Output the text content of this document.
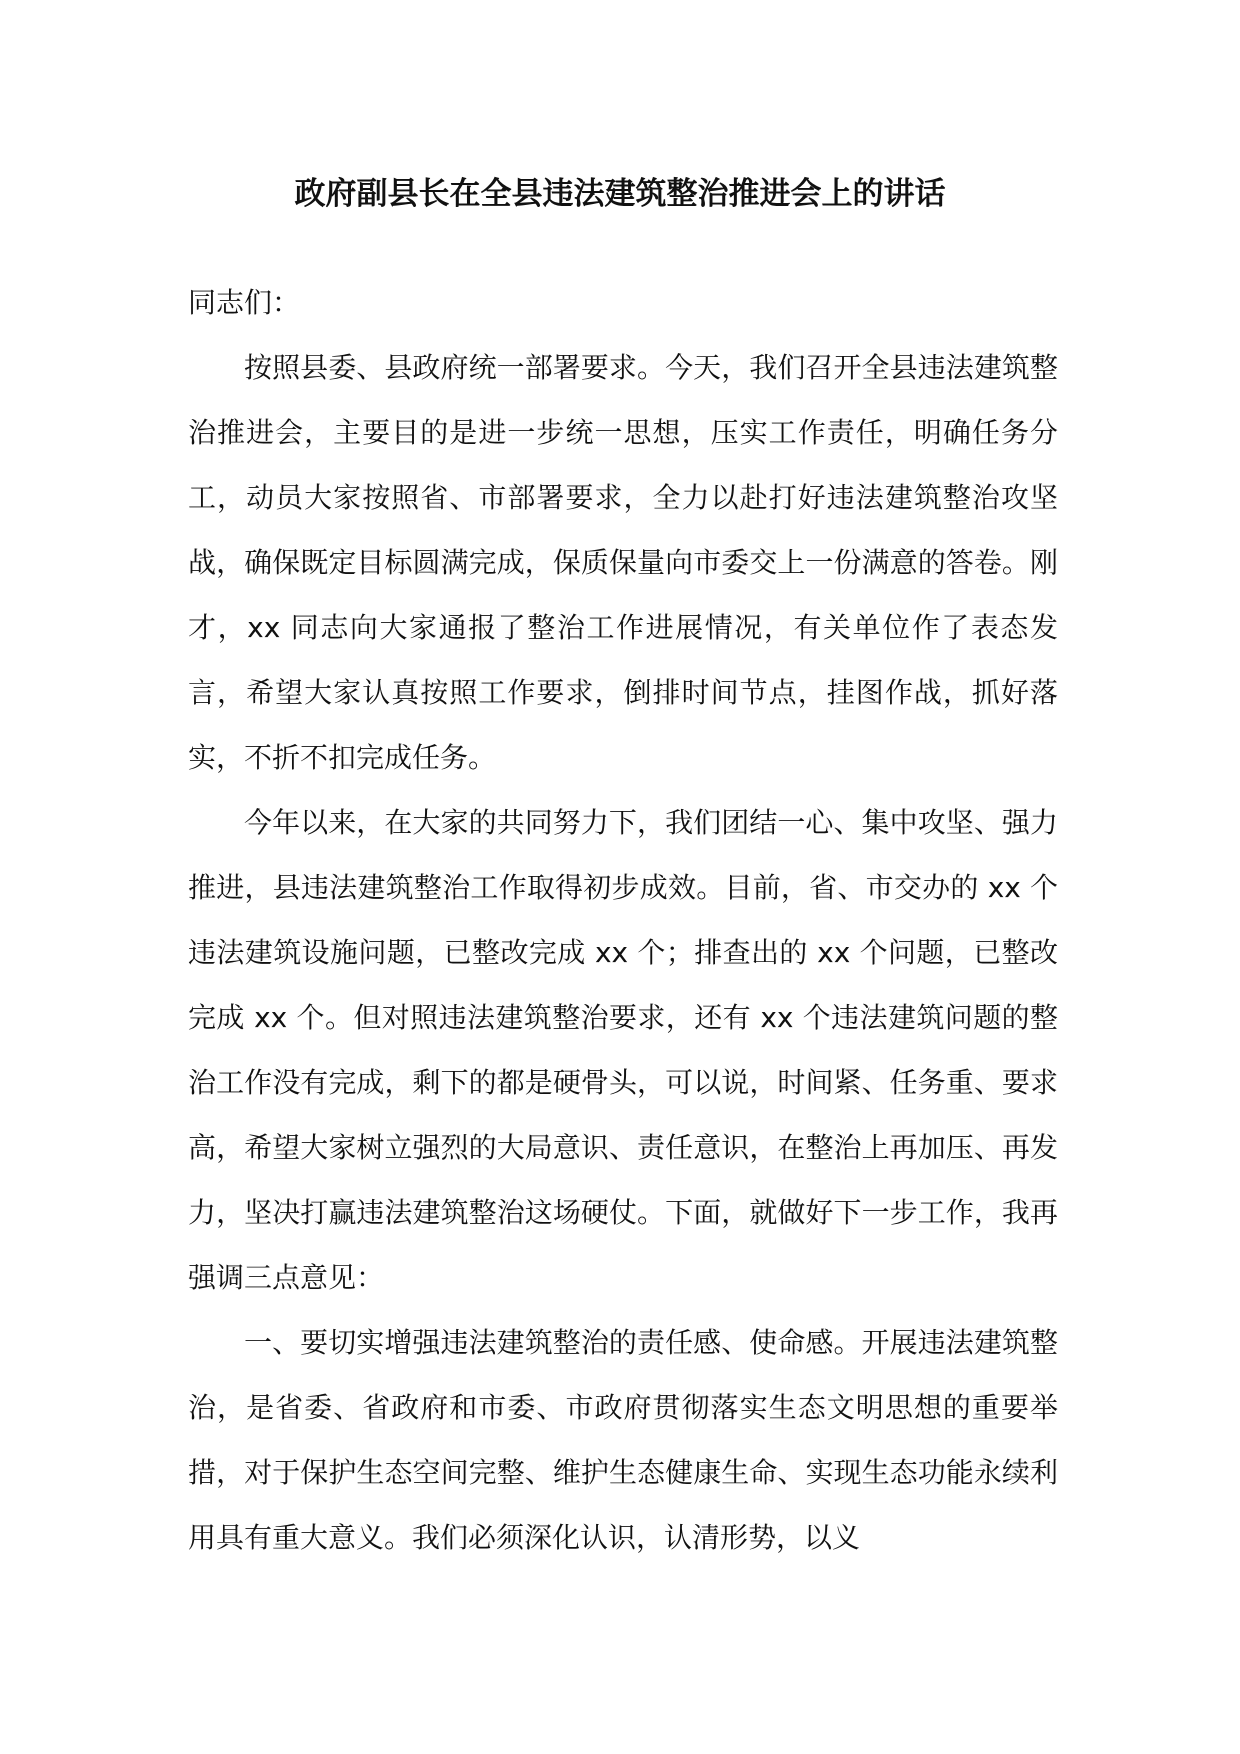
政府副县长在全县违法建筑整治推进会上的讲话

同志们：

按照县委、县政府统一部署要求。今天，我们召开全县违法建筑整治推进会，主要目的是进一步统一思想，压实工作责任，明确任务分工，动员大家按照省、市部署要求，全力以赴打好违法建筑整治攻坚战，确保既定目标圆满完成，保质保量向市委交上一份满意的答卷。刚才，xx 同志向大家通报了整治工作进展情况，有关单位作了表态发言，希望大家认真按照工作要求，倒排时间节点，挂图作战，抓好落实，不折不扣完成任务。

今年以来，在大家的共同努力下，我们团结一心、集中攻坚、强力推进，县违法建筑整治工作取得初步成效。目前，省、市交办的 xx 个违法建筑设施问题，已整改完成 xx 个；排查出的 xx 个问题，已整改完成 xx 个。但对照违法建筑整治要求，还有 xx 个违法建筑问题的整治工作没有完成，剩下的都是硬骨头，可以说，时间紧、任务重、要求高，希望大家树立强烈的大局意识、责任意识，在整治上再加压、再发力，坚决打赢违法建筑整治这场硬仗。下面，就做好下一步工作，我再强调三点意见：

一、要切实增强违法建筑整治的责任感、使命感。开展违法建筑整治，是省委、省政府和市委、市政府贯彻落实生态文明思想的重要举措，对于保护生态空间完整、维护生态健康生命、实现生态功能永续利用具有重大意义。我们必须深化认识，认清形势，以义
